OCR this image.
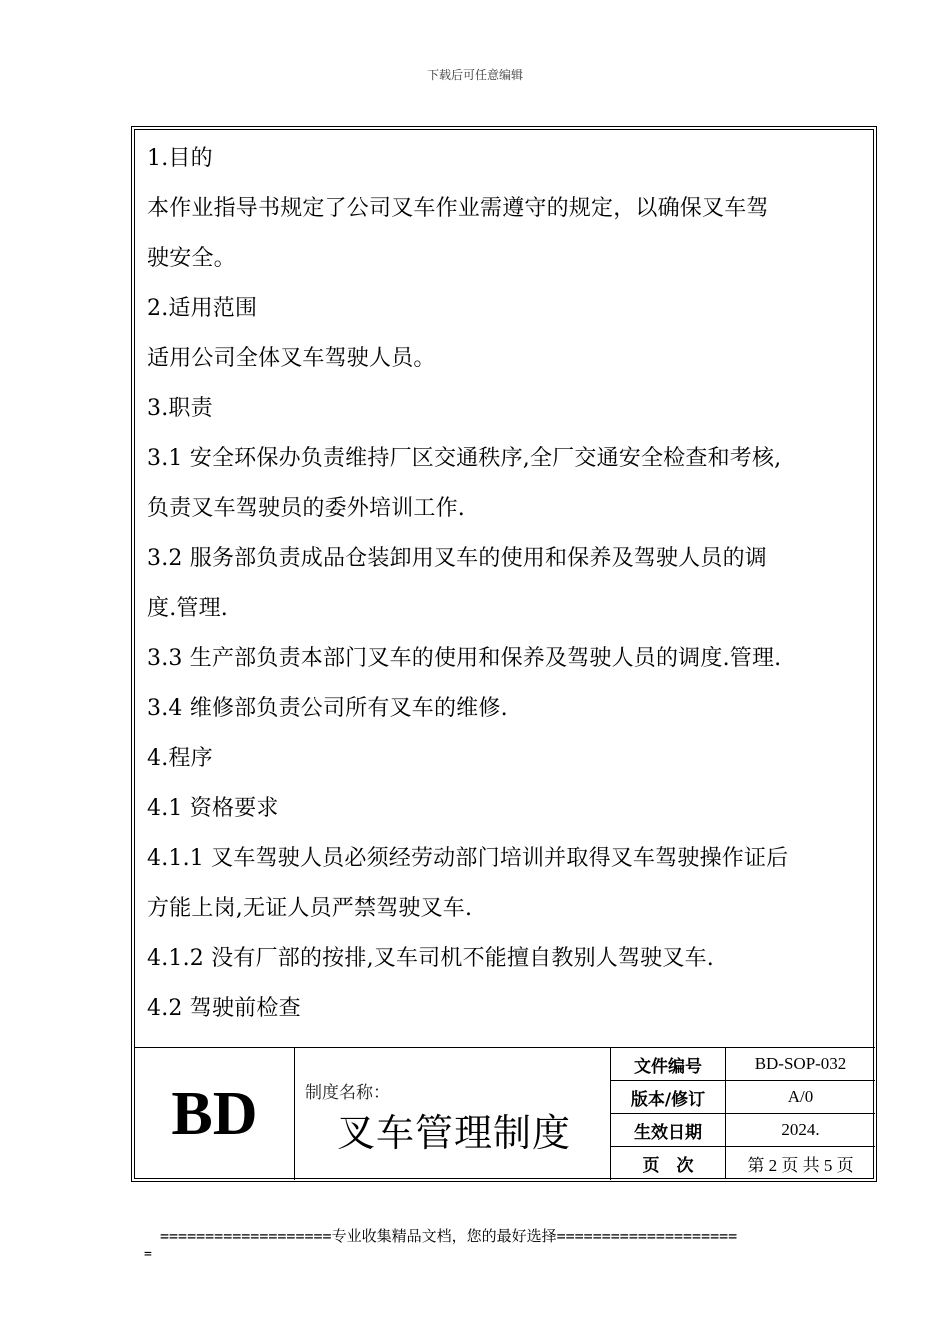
下载后可任意编辑

1.目的

本作业指导书规定了公司叉车作业需遵守的规定，以确保叉车驾

驶安全。

2.适用范围

适用公司全体叉车驾驶人员。

3.职责

3.1 安全环保办负责维持厂区交通秩序,全厂交通安全检查和考核,

负责叉车驾驶员的委外培训工作.

3.2 服务部负责成品仓装卸用叉车的使用和保养及驾驶人员的调

度.管理.

3.3 生产部负责本部门叉车的使用和保养及驾驶人员的调度.管理.

3.4 维修部负责公司所有叉车的维修.

4.程序

4.1 资格要求

4.1.1 叉车驾驶人员必须经劳动部门培训并取得叉车驾驶操作证后

方能上岗,无证人员严禁驾驶叉车.

4.1.2 没有厂部的按排,叉车司机不能擅自教别人驾驶叉车.

4.2 驾驶前检查

BD	制度名称：
叉车管理制度
文件编号	BD-SOP-032
版本/修订	A/0
生效日期	2024.
页　次	第 2 页 共 5 页
===================专业收集精品文档，您的最好选择====================
=
